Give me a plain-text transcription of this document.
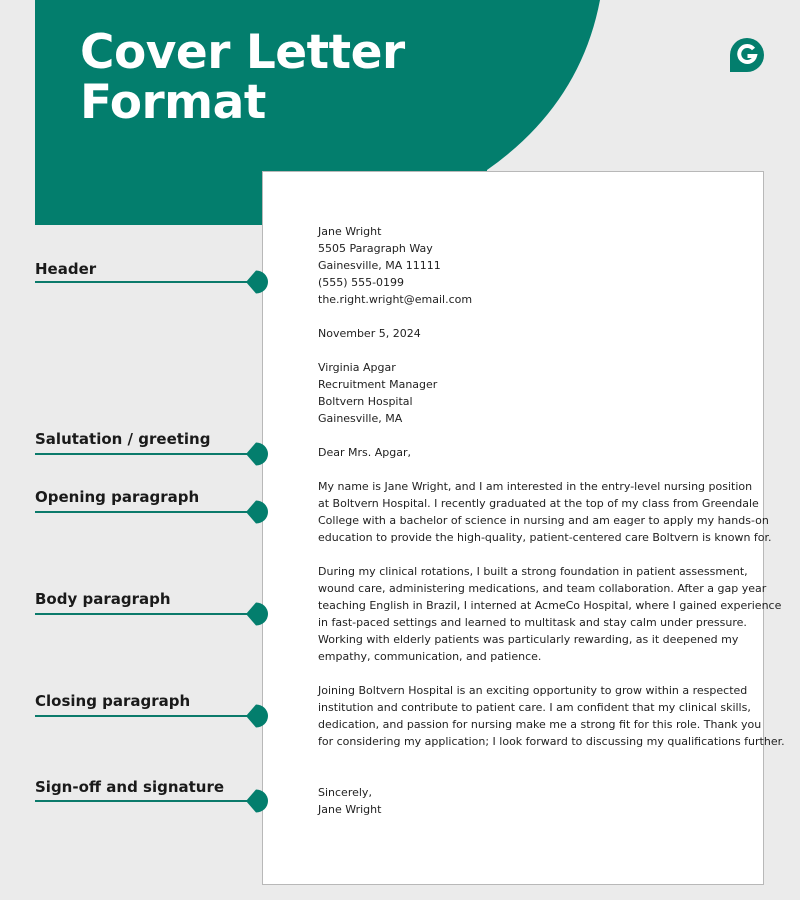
Cover Letter
Format

Jane Wright
5505 Paragraph Way
Gainesville, MA 11111
(555) 555-0199
the.right.wright@email.com

November 5, 2024

Virginia Apgar
Recruitment Manager
Boltvern Hospital
Gainesville, MA

Dear Mrs. Apgar,

My name is Jane Wright, and I am interested in the entry-level nursing position
at Boltvern Hospital. I recently graduated at the top of my class from Greendale
College with a bachelor of science in nursing and am eager to apply my hands-on
education to provide the high-quality, patient-centered care Boltvern is known for.

During my clinical rotations, I built a strong foundation in patient assessment,
wound care, administering medications, and team collaboration. After a gap year
teaching English in Brazil, I interned at AcmeCo Hospital, where I gained experience
in fast-paced settings and learned to multitask and stay calm under pressure.
Working with elderly patients was particularly rewarding, as it deepened my
empathy, communication, and patience.

Joining Boltvern Hospital is an exciting opportunity to grow within a respected
institution and contribute to patient care. I am confident that my clinical skills,
dedication, and passion for nursing make me a strong fit for this role. Thank you
for considering my application; I look forward to discussing my qualifications further.

Sincerely,
Jane Wright

Header
Salutation / greeting
Opening paragraph
Body paragraph
Closing paragraph
Sign-off and signature
